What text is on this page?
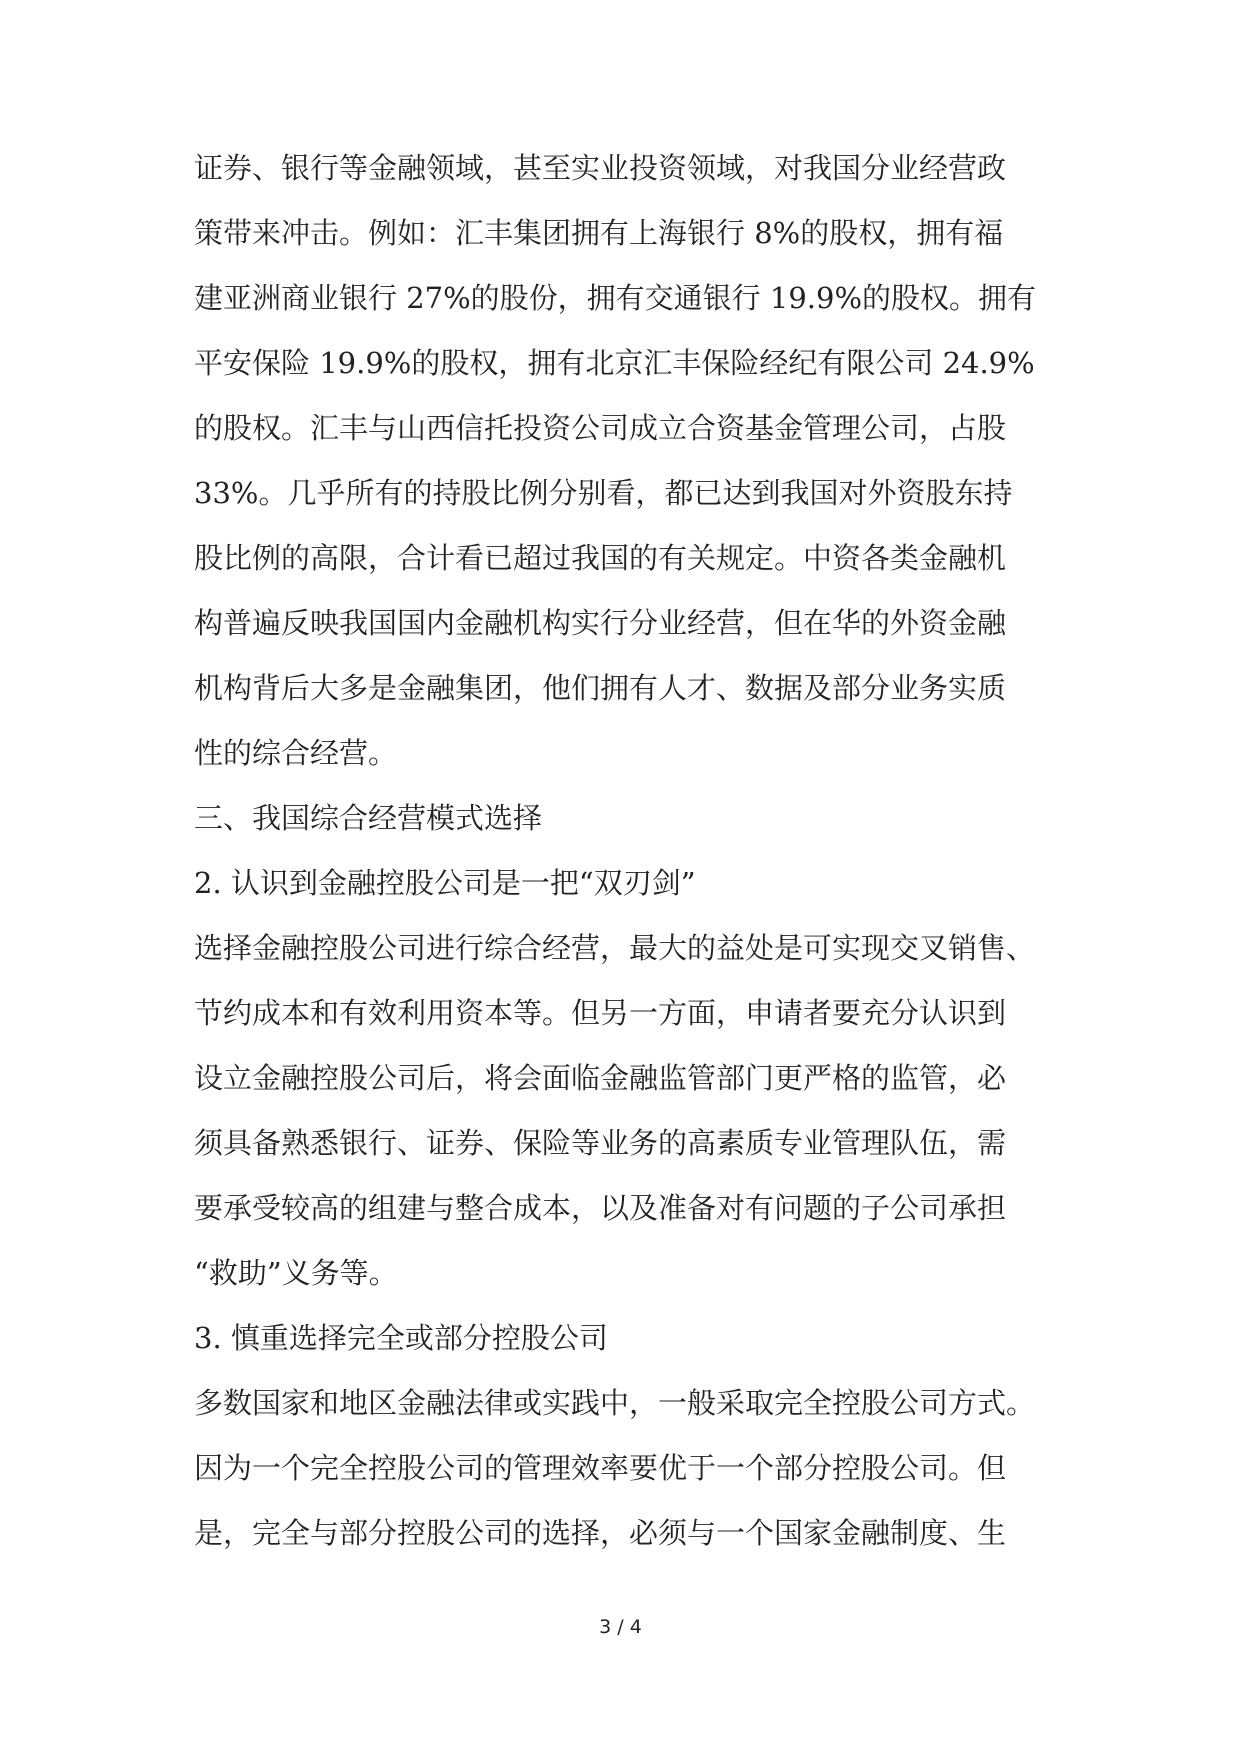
证券、银行等金融领域，甚至实业投资领域，对我国分业经营政
策带来冲击。例如：汇丰集团拥有上海银行 8%的股权，拥有福
建亚洲商业银行 27%的股份，拥有交通银行 19.9%的股权。拥有
平安保险 19.9%的股权，拥有北京汇丰保险经纪有限公司 24.9%
的股权。汇丰与山西信托投资公司成立合资基金管理公司，占股
33%。几乎所有的持股比例分别看，都已达到我国对外资股东持
股比例的高限，合计看已超过我国的有关规定。中资各类金融机
构普遍反映我国国内金融机构实行分业经营，但在华的外资金融
机构背后大多是金融集团，他们拥有人才、数据及部分业务实质
性的综合经营。
三、我国综合经营模式选择
2. 认识到金融控股公司是一把“双刃剑”
选择金融控股公司进行综合经营，最大的益处是可实现交叉销售、
节约成本和有效利用资本等。但另一方面，申请者要充分认识到
设立金融控股公司后，将会面临金融监管部门更严格的监管，必
须具备熟悉银行、证券、保险等业务的高素质专业管理队伍，需
要承受较高的组建与整合成本，以及准备对有问题的子公司承担
“救助”义务等。
3. 慎重选择完全或部分控股公司
多数国家和地区金融法律或实践中，一般采取完全控股公司方式。
因为一个完全控股公司的管理效率要优于一个部分控股公司。但
是，完全与部分控股公司的选择，必须与一个国家金融制度、生
3 / 4
